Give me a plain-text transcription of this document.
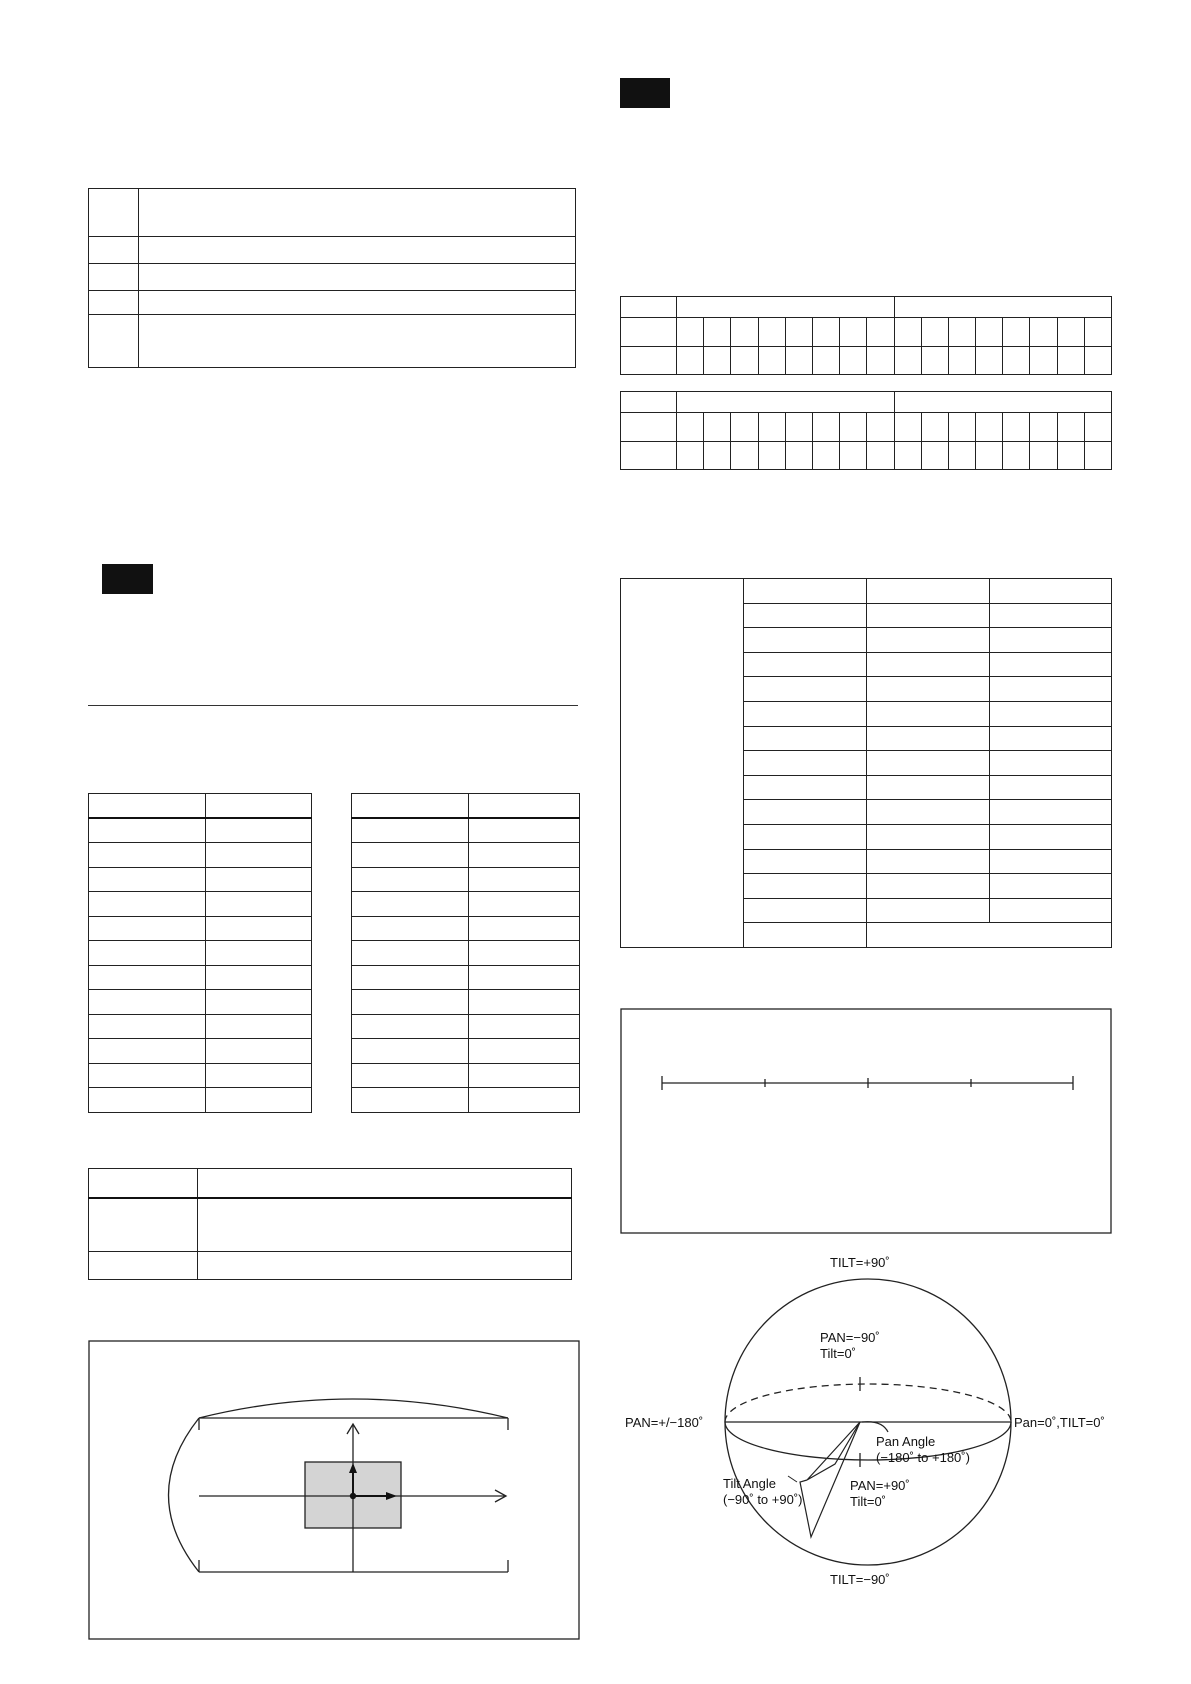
TILT=+90˚
TILT=−90˚
PAN=−90˚
Tilt=0˚
PAN=+/−180˚	Pan=0˚,TILT=0˚
Pan Angle
(−180˚ to +180˚)
Tilt Angle
(−90˚ to +90˚)
PAN=+90˚
Tilt=0˚
